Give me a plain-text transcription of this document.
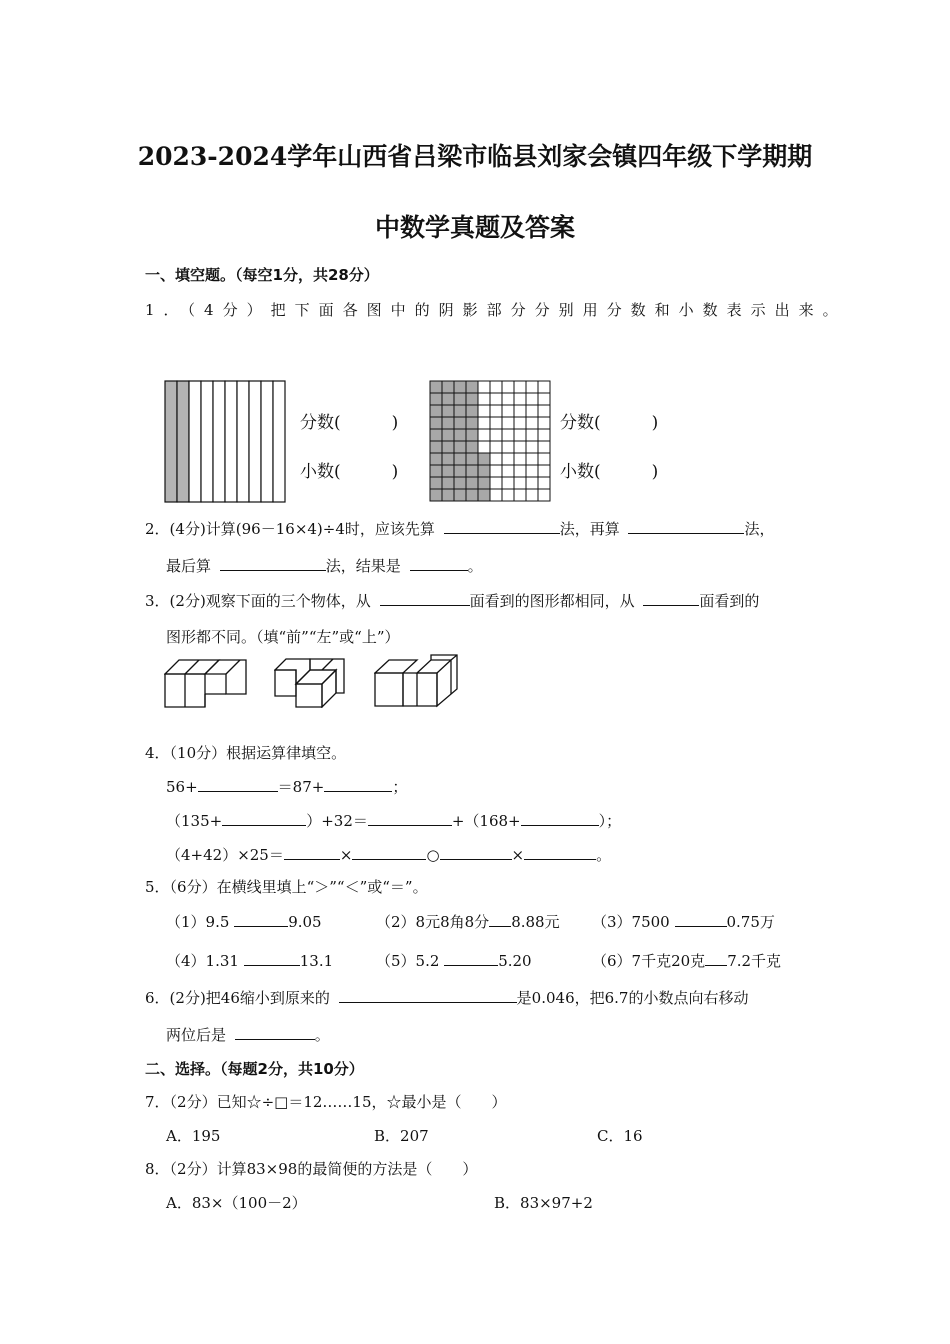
2023-2024学年山西省吕梁市临县刘家会镇四年级下学期期
中数学真题及答案
一、填空题。（每空1分，共28分）
1．（4分）把下面各图中的阴影部分分别用分数和小数表示出来。
分数(　　　)
小数(　　　)
分数(　　　)
小数(　　　)
2．(4分)计算(96－16×4)÷4时，应该先算	法，再算	法，
最后算	法，结果是	。
3．(2分)观察下面的三个物体，从	面看到的图形都相同，从	面看到的
图形都不同。（填“前”“左”或“上”）
4．（10分）根据运算律填空。
56+	＝87+	；
（135+	）+32＝	+（168+	）；
（4+42）×25＝	×	○	×	。
5．（6分）在横线里填上“＞”“＜”或“＝”。
（1）9.5	9.05	（2）8元8角8分 8.88元 （3）7500	0.75万
（4）1.31	13.1	（5）5.2	5.20	（6）7千克20克 7.2千克
6．(2分)把46缩小到原来的	是0.046，把6.7的小数点向右移动
两位后是	。
二、选择。（每题2分，共10分）
7．（2分）已知☆÷□＝12……15，☆最小是（　　）
A．195	B．207	C．16
8．（2分）计算83×98的最简便的方法是（　　）
A．83×（100－2）	B．83×97+2
